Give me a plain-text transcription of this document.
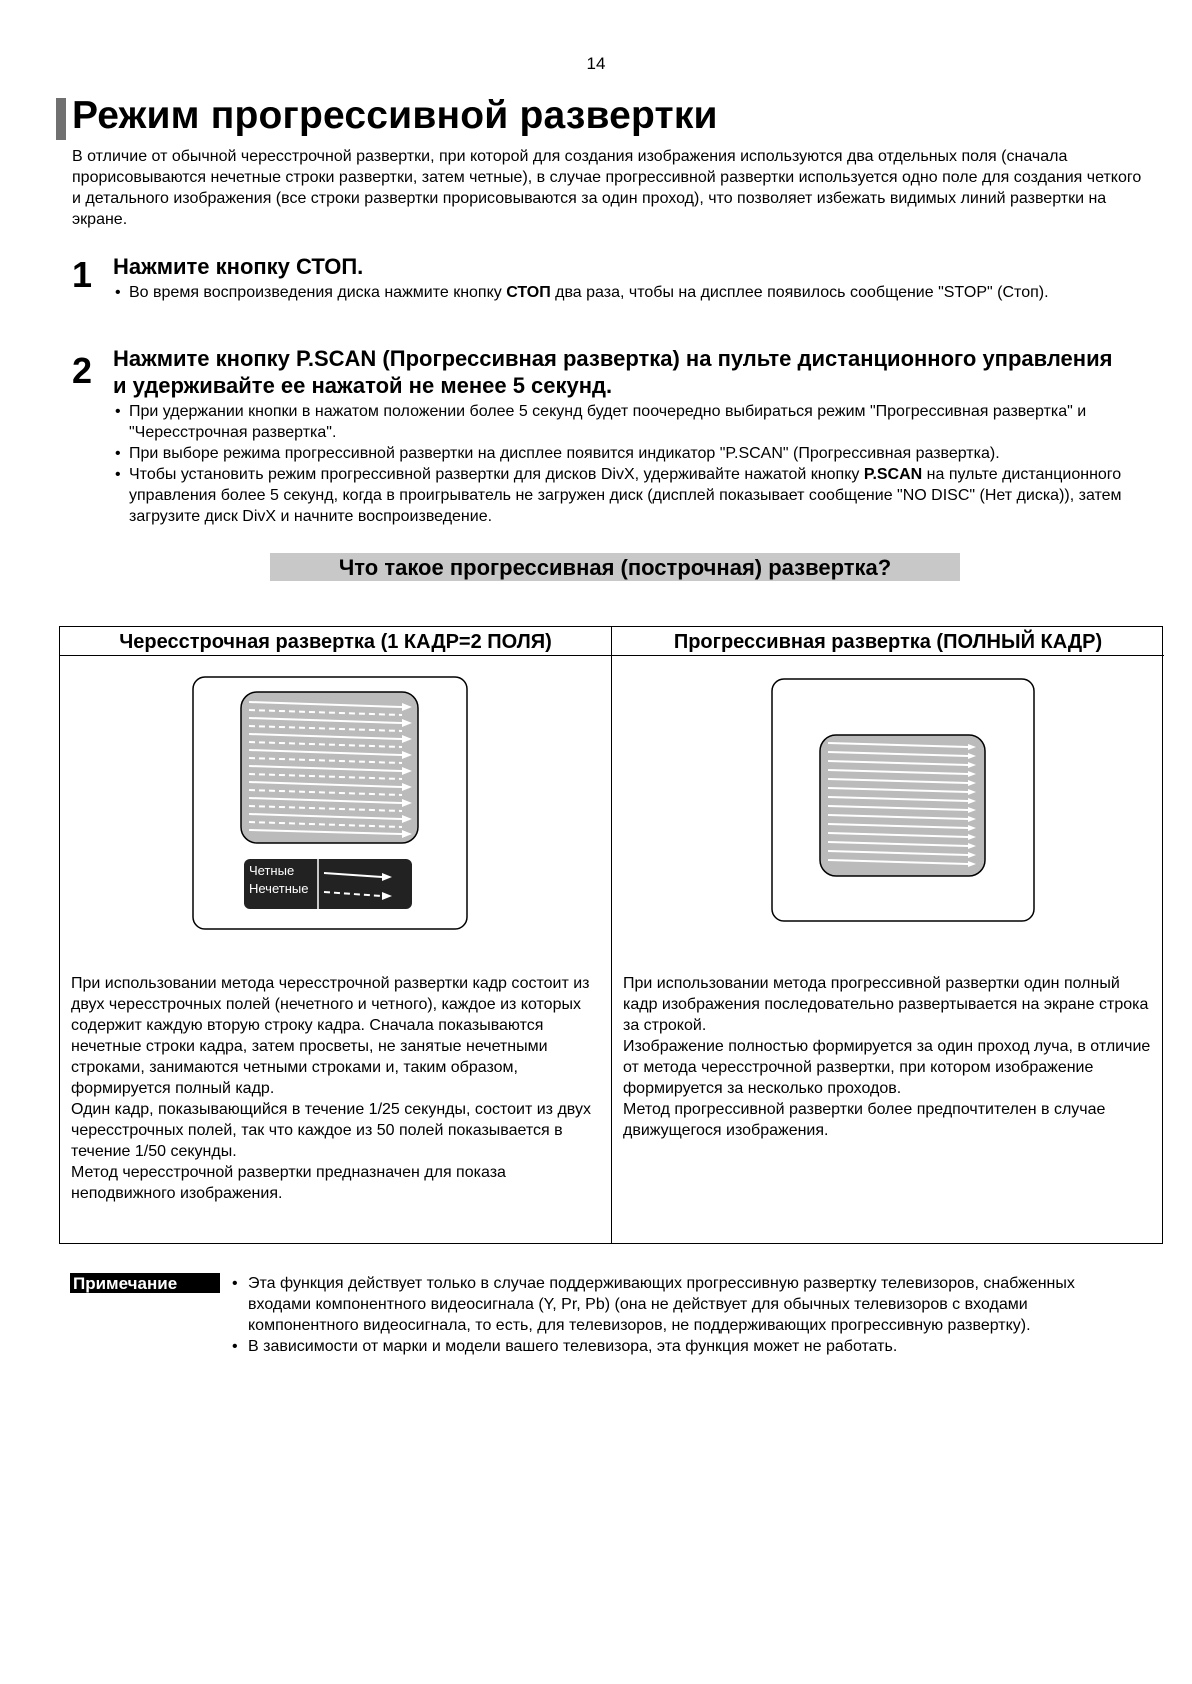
14
Режим прогрессивной развертки

В отличие от обычной чересстрочной развертки, при которой для создания изображения используются два отдельных поля (сначала прорисовываются нечетные строки развертки, затем четные), в случае прогрессивной развертки используется одно поле для создания четкого и детального изображения (все строки развертки прорисовываются за один проход), что позволяет избежать видимых линий развертки на экране.

1 Нажмите кнопку СТОП.
• Во время воспроизведения диска нажмите кнопку СТОП два раза, чтобы на дисплее появилось сообщение "STOP" (Стоп).
2 Нажмите кнопку P.SCAN (Прогрессивная развертка) на пульте дистанционного управления и удерживайте ее нажатой не менее 5 секунд.
• При удержании кнопки в нажатом положении более 5 секунд будет поочередно выбираться режим "Прогрессивная развертка" и "Чересстрочная развертка".
• При выборе режима прогрессивной развертки на дисплее появится индикатор "P.SCAN" (Прогрессивная развертка).
• Чтобы установить режим прогрессивной развертки для дисков DivX, удерживайте нажатой кнопку P.SCAN на пульте дистанционного управления более 5 секунд, когда в проигрыватель не загружен диск (дисплей показывает сообщение "NO DISC" (Нет диска)), затем загрузите диск DivX и начните воспроизведение.
Что такое прогрессивная (построчная) развертка?
Чересстрочная развертка (1 КАДР=2 ПОЛЯ)
Четные
Нечетные

При использовании метода чересстрочной развертки кадр состоит из двух чересстрочных полей (нечетного и четного), каждое из которых содержит каждую вторую строку кадра. Сначала показываются нечетные строки кадра, затем просветы, не занятые нечетными строками, занимаются четными строками и, таким образом, формируется полный кадр.
Один кадр, показывающийся в течение 1/25 секунды, состоит из двух чересстрочных полей, так что каждое из 50 полей показывается в течение 1/50 секунды.
Метод чересстрочной развертки предназначен для показа неподвижного изображения.

Прогрессивная развертка (ПОЛНЫЙ КАДР)

При использовании метода прогрессивной развертки один полный кадр изображения последовательно развертывается на экране строка за строкой.
Изображение полностью формируется за один проход луча, в отличие от метода чересстрочной развертки, при котором изображение формируется за несколько проходов.
Метод прогрессивной развертки более предпочтителен в случае движущегося изображения.

Примечание
•	Эта функция действует только в случае поддерживающих прогрессивную развертку телевизоров, снабженных входами компонентного видеосигнала (Y, Pr, Pb) (она не действует для обычных телевизоров с входами компонентного видеосигнала, то есть, для телевизоров, не поддерживающих прогрессивную развертку).
• В зависимости от марки и модели вашего телевизора, эта функция может не работать.
